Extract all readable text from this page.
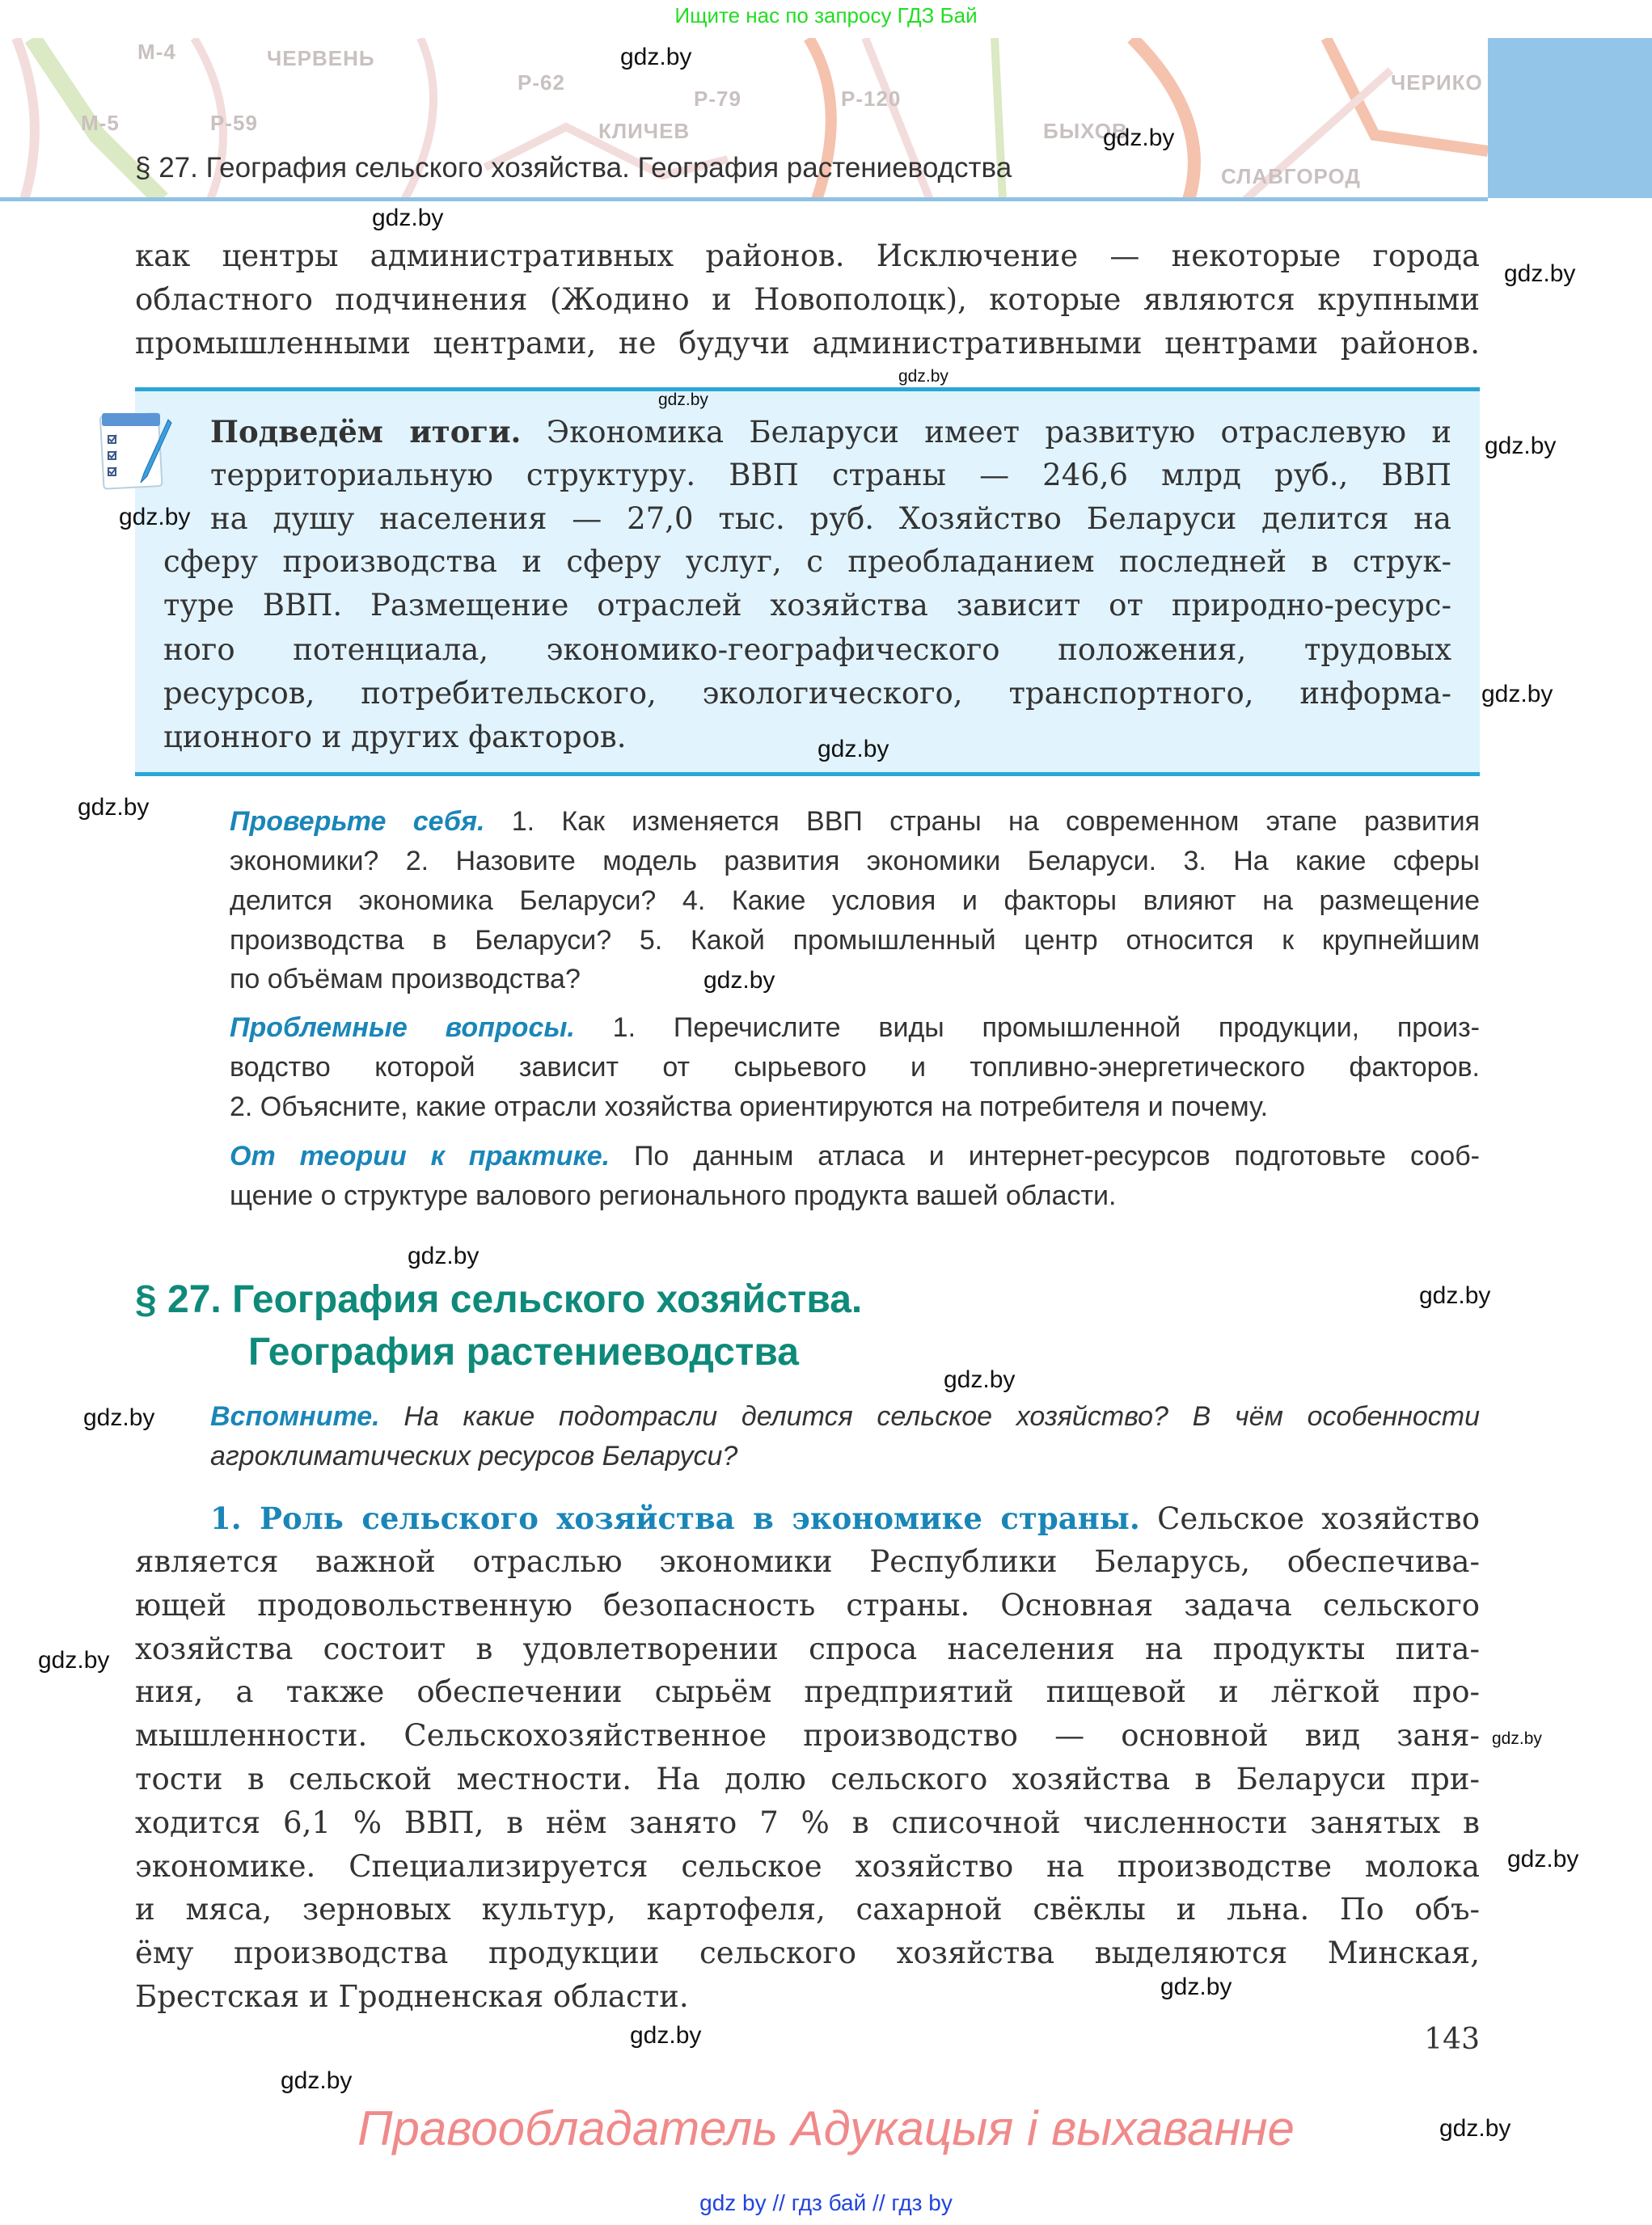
Ищите нас по запросу ГДЗ Бай
ЧЕРВЕНЬ
Р-79
ЧЕРИКО
СЛАВГОРОД
КЛИЧЕВ
М-4
М-5	Р-59
Р-62
Р-120
БЫХОВ
§ 27. География сельского хозяйства. География растениеводства
как центры административных районов. Исключение — некоторые города
областного подчинения (Жодино и Новополоцк), которые являются крупными
промышленными центрами, не будучи административными центрами районов.
Подведём итоги. Экономика Беларуси имеет развитую отраслевую и
территориальную структуру. ВВП страны — 246,6 млрд руб., ВВП
на душу населения — 27,0 тыс. руб. Хозяйство Беларуси делится на
сферу производства и сферу услуг, с преобладанием последней в струк-
туре ВВП. Размещение отраслей хозяйства зависит от природно-ресурс-
ного потенциала, экономико-географического положения, трудовых
ресурсов, потребительского, экологического, транспортного, информа-
ционного и других факторов.
Проверьте себя. 1. Как изменяется ВВП страны на современном этапе развития
экономики? 2. Назовите модель развития экономики Беларуси. 3. На какие сферы
делится экономика Беларуси? 4. Какие условия и факторы влияют на размещение
производства в Беларуси? 5. Какой промышленный центр относится к крупнейшим
по объёмам производства?
Проблемные вопросы. 1. Перечислите виды промышленной продукции, произ-
водство которой зависит от сырьевого и топливно-энергетического факторов.
2. Объясните, какие отрасли хозяйства ориентируются на потребителя и почему.
От теории к практике. По данным атласа и интернет-ресурсов подготовьте сооб-
щение о структуре валового регионального продукта вашей области.
§ 27. География сельского хозяйства.
География растениеводства
Вспомните. На какие подотрасли делится сельское хозяйство? В чём особенности
агроклиматических ресурсов Беларуси?
1. Роль сельского хозяйства в экономике страны. Сельское хозяйство
является важной отраслью экономики Республики Беларусь, обеспечива-
ющей продовольственную безопасность страны. Основная задача сельского
хозяйства состоит в удовлетворении спроса населения на продукты пита-
ния, а также обеспечении сырьём предприятий пищевой и лёгкой про-
мышленности. Сельскохозяйственное производство — основной вид заня-
тости в сельской местности. На долю сельского хозяйства в Беларуси при-
ходится 6,1 % ВВП, в нём занято 7 % в списочной численности занятых в
экономике. Специализируется сельское хозяйство на производстве молока
и мяса, зерновых культур, картофеля, сахарной свёклы и льна. По объ-
ёму производства продукции сельского хозяйства выделяются Минская,
Брестская и Гродненская области.
143
Правообладатель Адукацыя і выхаванне
gdz by // гдз бай // гдз by
gdz.by
gdz.by
gdz.by
gdz.by
gdz.by
gdz.by
gdz.by
gdz.by
gdz.by
gdz.by
gdz.by
gdz.by
gdz.by
gdz.by
gdz.by
gdz.by
gdz.by
gdz.by
gdz.by
gdz.by
gdz.by
gdz.by
gdz.by
